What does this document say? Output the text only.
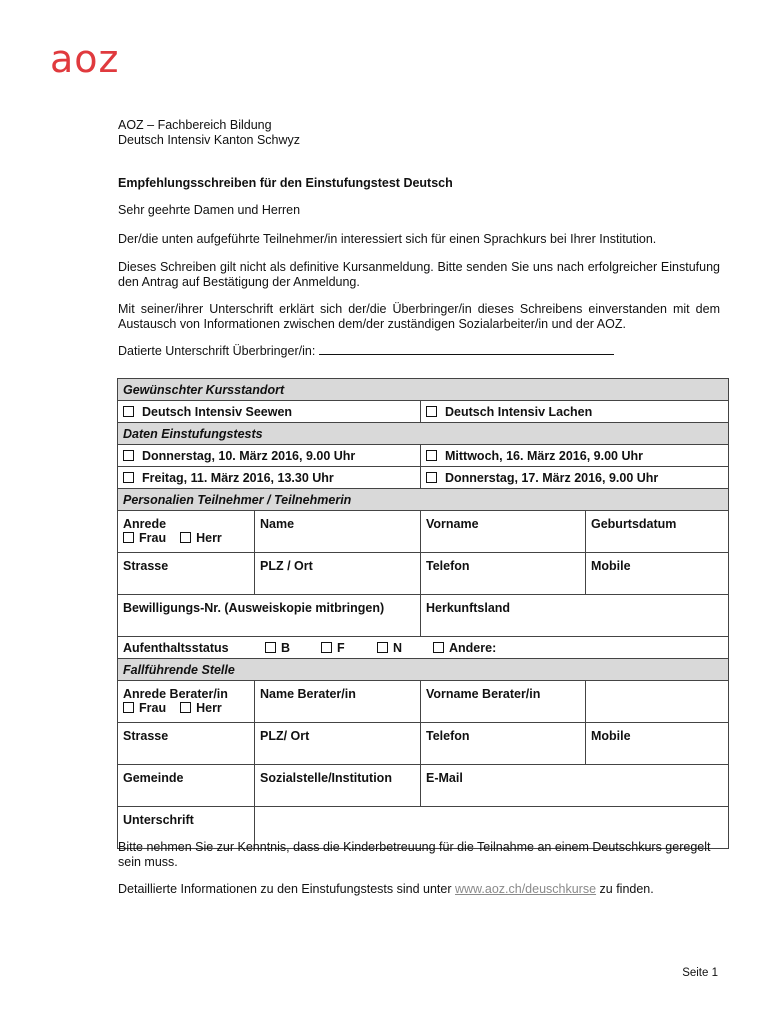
aoz
AOZ – Fachbereich Bildung
Deutsch Intensiv Kanton Schwyz
Empfehlungsschreiben für den Einstufungstest Deutsch
Sehr geehrte Damen und Herren
Der/die unten aufgeführte Teilnehmer/in interessiert sich für einen Sprachkurs bei Ihrer Institution.
Dieses Schreiben gilt nicht als definitive Kursanmeldung. Bitte senden Sie uns nach erfolgreicher Einstufung den Antrag auf Bestätigung der Anmeldung.
Mit seiner/ihrer Unterschrift erklärt sich der/die Überbringer/in dieses Schreibens einverstanden mit dem Austausch von Informationen zwischen dem/der zuständigen Sozialarbeiter/in und der AOZ.
Datierte Unterschrift Überbringer/in:
Gewünschter Kursstandort			
Deutsch Intensiv Seewen		Deutsch Intensiv Lachen	
Daten Einstufungstests			
Donnerstag, 10. März 2016, 9.00 Uhr		Mittwoch, 16. März 2016, 9.00 Uhr	
Freitag, 11. März 2016, 13.30 Uhr		Donnerstag, 17. März 2016, 9.00 Uhr	
Personalien Teilnehmer / Teilnehmerin			

Anrede
Frau Herr	Name	Vorname	Geburtsdatum
Strasse	PLZ / Ort	Telefon	Mobile
Bewilligungs-Nr. (Ausweiskopie mitbringen)		Herkunftsland	
Aufenthaltsstatus B F N Andere:			
Fallführende Stelle			

Anrede Berater/in
Frau Herr	Name Berater/in	Vorname Berater/in	
Strasse	PLZ/ Ort	Telefon	Mobile
Gemeinde	Sozialstelle/Institution	E-Mail	
Unterschrift			
Bitte nehmen Sie zur Kenntnis, dass die Kinderbetreuung für die Teilnahme an einem Deutschkurs geregelt sein muss.
Detaillierte Informationen zu den Einstufungstests sind unter www.aoz.ch/deuschkurse zu finden.
Seite 1
